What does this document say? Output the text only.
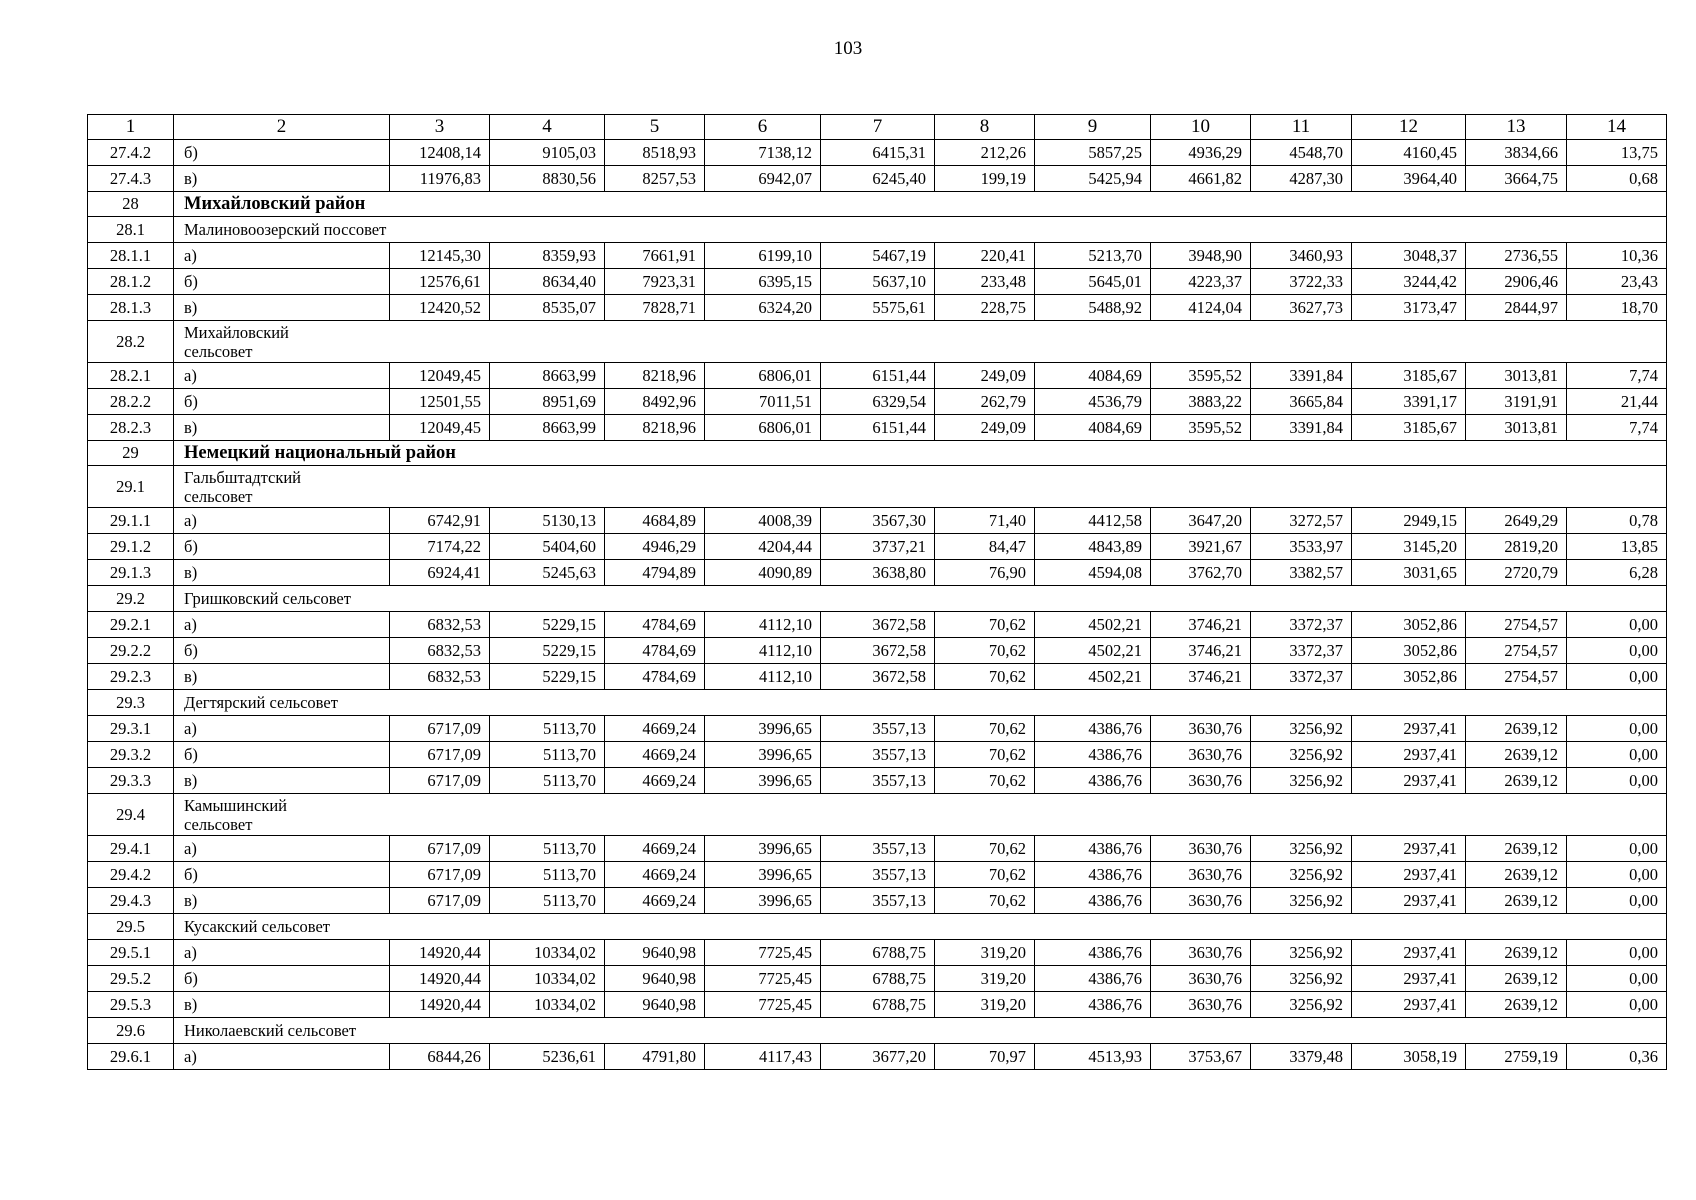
103
1	2	3	4	5	6	7	8	9	10	11	12	13	14
27.4.2	б)	12408,14	9105,03	8518,93	7138,12	6415,31	212,26	5857,25	4936,29	4548,70	4160,45	3834,66	13,75
27.4.3	в)	11976,83	8830,56	8257,53	6942,07	6245,40	199,19	5425,94	4661,82	4287,30	3964,40	3664,75	0,68
28	Михайловский район												
28.1	Малиновоозерский поссовет												
28.1.1	а)	12145,30	8359,93	7661,91	6199,10	5467,19	220,41	5213,70	3948,90	3460,93	3048,37	2736,55	10,36
28.1.2	б)	12576,61	8634,40	7923,31	6395,15	5637,10	233,48	5645,01	4223,37	3722,33	3244,42	2906,46	23,43
28.1.3	в)	12420,52	8535,07	7828,71	6324,20	5575,61	228,75	5488,92	4124,04	3627,73	3173,47	2844,97	18,70
28.2	Михайловский
сельсовет												

28.2.1	а)	12049,45	8663,99	8218,96	6806,01	6151,44	249,09	4084,69	3595,52	3391,84	3185,67	3013,81	7,74
28.2.2	б)	12501,55	8951,69	8492,96	7011,51	6329,54	262,79	4536,79	3883,22	3665,84	3391,17	3191,91	21,44
28.2.3	в)	12049,45	8663,99	8218,96	6806,01	6151,44	249,09	4084,69	3595,52	3391,84	3185,67	3013,81	7,74
29	Немецкий национальный район												
29.1	Гальбштадтский
сельсовет												

29.1.1	а)	6742,91	5130,13	4684,89	4008,39	3567,30	71,40	4412,58	3647,20	3272,57	2949,15	2649,29	0,78
29.1.2	б)	7174,22	5404,60	4946,29	4204,44	3737,21	84,47	4843,89	3921,67	3533,97	3145,20	2819,20	13,85
29.1.3	в)	6924,41	5245,63	4794,89	4090,89	3638,80	76,90	4594,08	3762,70	3382,57	3031,65	2720,79	6,28
29.2	Гришковский сельсовет												
29.2.1	а)	6832,53	5229,15	4784,69	4112,10	3672,58	70,62	4502,21	3746,21	3372,37	3052,86	2754,57	0,00
29.2.2	б)	6832,53	5229,15	4784,69	4112,10	3672,58	70,62	4502,21	3746,21	3372,37	3052,86	2754,57	0,00
29.2.3	в)	6832,53	5229,15	4784,69	4112,10	3672,58	70,62	4502,21	3746,21	3372,37	3052,86	2754,57	0,00
29.3	Дегтярский сельсовет												
29.3.1	а)	6717,09	5113,70	4669,24	3996,65	3557,13	70,62	4386,76	3630,76	3256,92	2937,41	2639,12	0,00
29.3.2	б)	6717,09	5113,70	4669,24	3996,65	3557,13	70,62	4386,76	3630,76	3256,92	2937,41	2639,12	0,00
29.3.3	в)	6717,09	5113,70	4669,24	3996,65	3557,13	70,62	4386,76	3630,76	3256,92	2937,41	2639,12	0,00
29.4	Камышинский
сельсовет												

29.4.1	а)	6717,09	5113,70	4669,24	3996,65	3557,13	70,62	4386,76	3630,76	3256,92	2937,41	2639,12	0,00
29.4.2	б)	6717,09	5113,70	4669,24	3996,65	3557,13	70,62	4386,76	3630,76	3256,92	2937,41	2639,12	0,00
29.4.3	в)	6717,09	5113,70	4669,24	3996,65	3557,13	70,62	4386,76	3630,76	3256,92	2937,41	2639,12	0,00
29.5	Кусакский сельсовет												
29.5.1	а)	14920,44	10334,02	9640,98	7725,45	6788,75	319,20	4386,76	3630,76	3256,92	2937,41	2639,12	0,00
29.5.2	б)	14920,44	10334,02	9640,98	7725,45	6788,75	319,20	4386,76	3630,76	3256,92	2937,41	2639,12	0,00
29.5.3	в)	14920,44	10334,02	9640,98	7725,45	6788,75	319,20	4386,76	3630,76	3256,92	2937,41	2639,12	0,00
29.6	Николаевский сельсовет												
29.6.1	а)	6844,26	5236,61	4791,80	4117,43	3677,20	70,97	4513,93	3753,67	3379,48	3058,19	2759,19	0,36
